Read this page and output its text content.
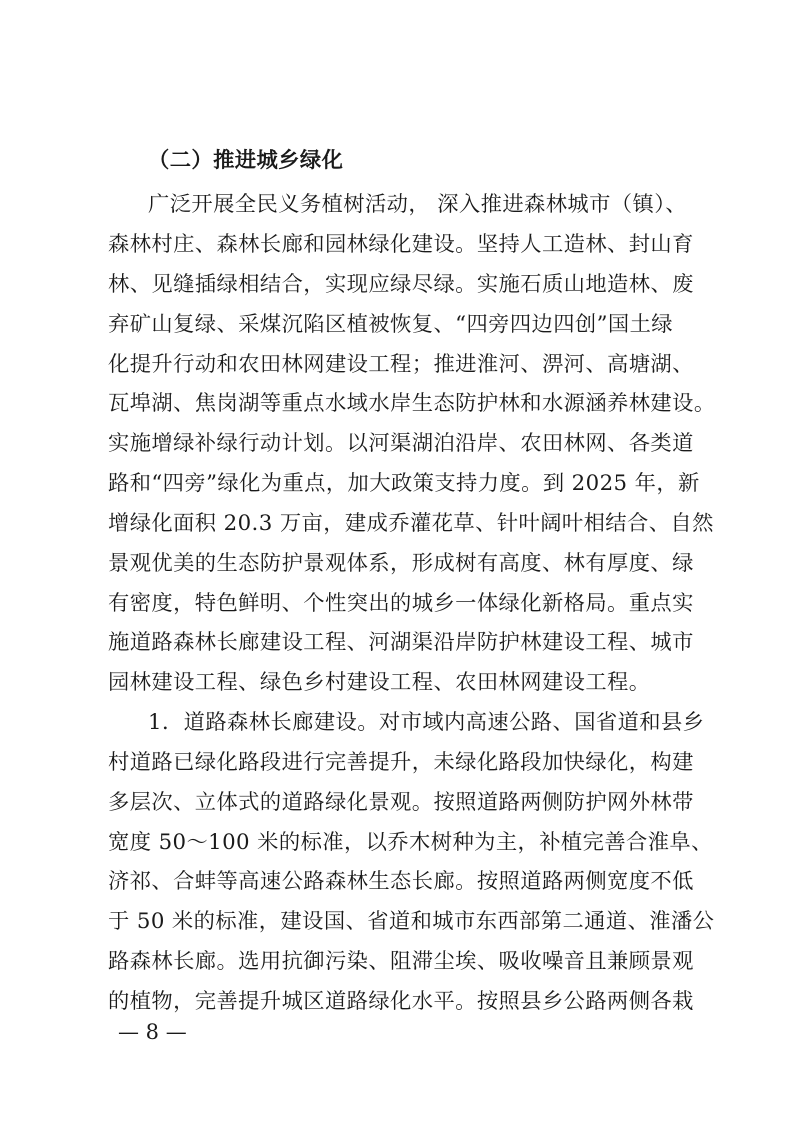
（二）推进城乡绿化
广泛开展全民义务植树活动， 深入推进森林城市（镇）、
森林村庄、森林长廊和园林绿化建设。坚持人工造林、封山育
林、见缝插绿相结合，实现应绿尽绿。实施石质山地造林、废
弃矿山复绿、采煤沉陷区植被恢复、“四旁四边四创”国土绿
化提升行动和农田林网建设工程；推进淮河、淠河、高塘湖、
瓦埠湖、焦岗湖等重点水域水岸生态防护林和水源涵养林建设。
实施增绿补绿行动计划。以河渠湖泊沿岸、农田林网、各类道
路和“四旁”绿化为重点，加大政策支持力度。到 2025 年，新
增绿化面积 20.3 万亩，建成乔灌花草、针叶阔叶相结合、自然
景观优美的生态防护景观体系，形成树有高度、林有厚度、绿
有密度，特色鲜明、个性突出的城乡一体绿化新格局。重点实
施道路森林长廊建设工程、河湖渠沿岸防护林建设工程、城市
园林建设工程、绿色乡村建设工程、农田林网建设工程。
1．道路森林长廊建设。对市域内高速公路、国省道和县乡
村道路已绿化路段进行完善提升，未绿化路段加快绿化，构建
多层次、立体式的道路绿化景观。按照道路两侧防护网外林带
宽度 50～100 米的标准，以乔木树种为主，补植完善合淮阜、
济祁、合蚌等高速公路森林生态长廊。按照道路两侧宽度不低
于 50 米的标准，建设国、省道和城市东西部第二通道、淮潘公
路森林长廊。选用抗御污染、阻滞尘埃、吸收噪音且兼顾景观
的植物，完善提升城区道路绿化水平。按照县乡公路两侧各栽
— 8 —
